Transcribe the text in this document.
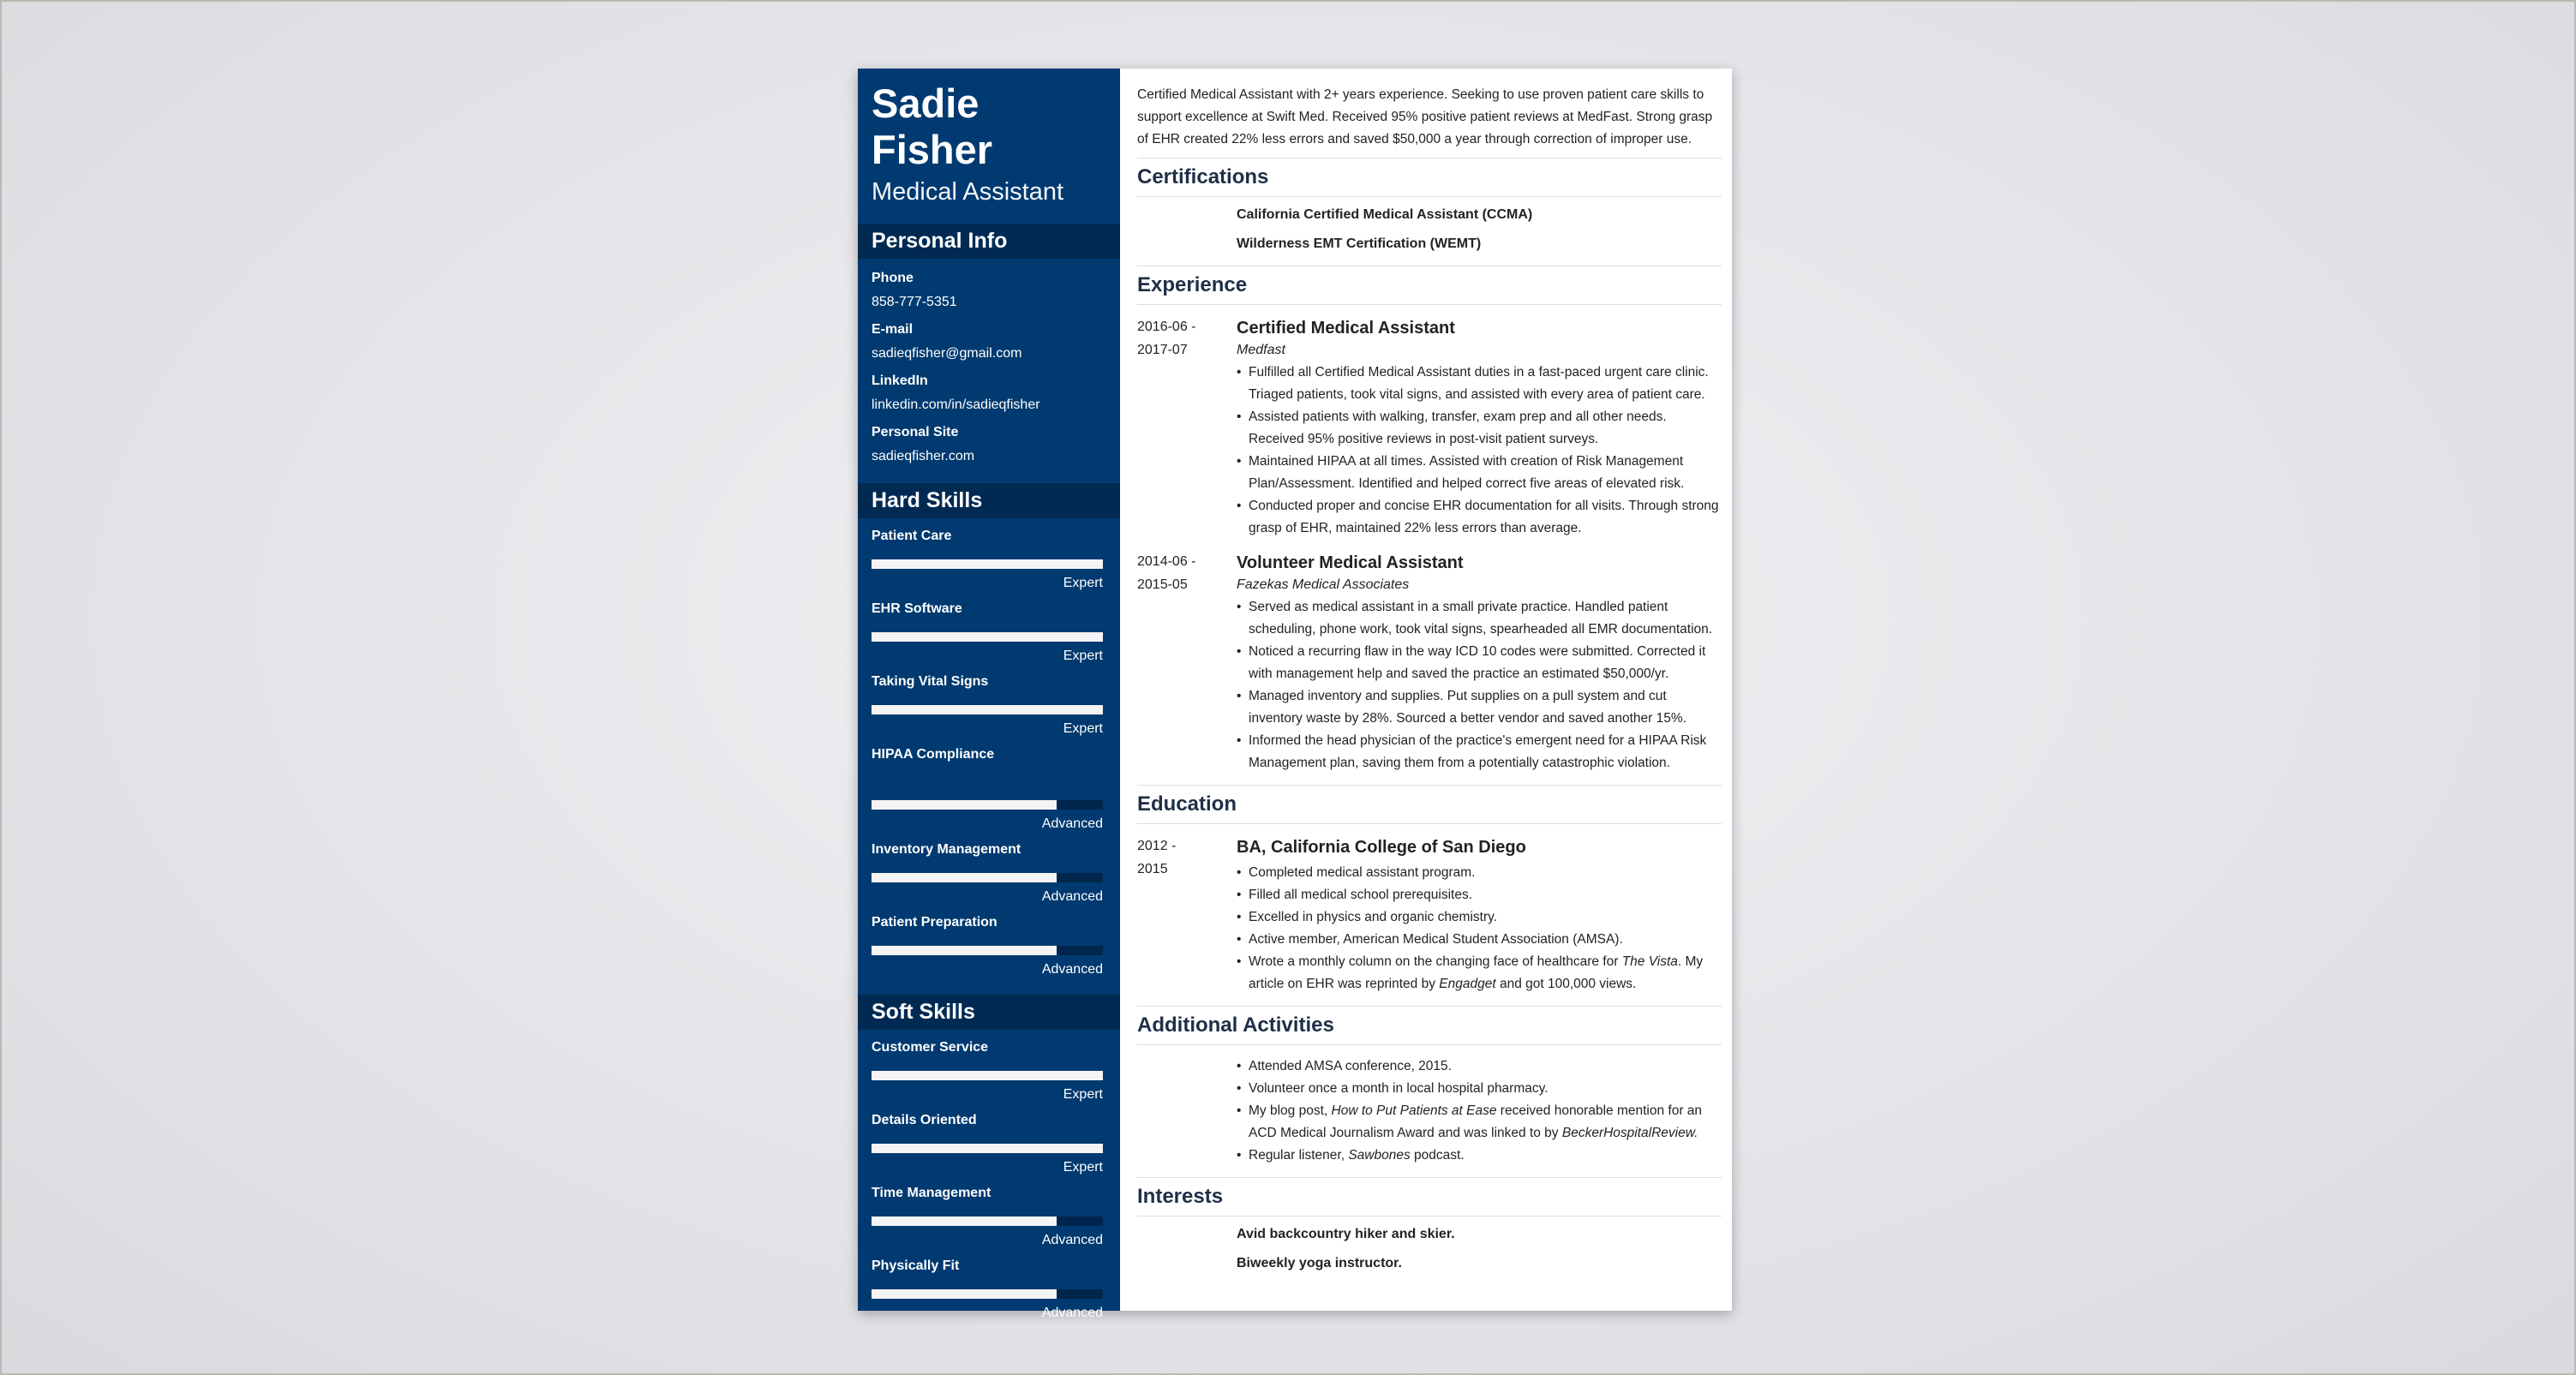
Sadie Fisher
Medical Assistant
Personal Info
Phone
858-777-5351
E-mail
sadieqfisher@gmail.com
LinkedIn
linkedin.com/in/sadieqfisher
Personal Site
sadieqfisher.com
Hard Skills
Patient Care
Expert
EHR Software
Expert
Taking Vital Signs
Expert
HIPAA Compliance
Advanced
Inventory Management
Advanced
Patient Preparation
Advanced
Soft Skills
Customer Service
Expert
Details Oriented
Expert
Time Management
Advanced
Physically Fit
Advanced
Certified Medical Assistant with 2+ years experience. Seeking to use proven patient care skills to support excellence at Swift Med. Received 95% positive patient reviews at MedFast. Strong grasp of EHR created 22% less errors and saved $50,000 a year through correction of improper use.
Certifications
California Certified Medical Assistant (CCMA)
Wilderness EMT Certification (WEMT)
Experience
2016-06 -
2017-07
Certified Medical Assistant
Medfast
• Fulfilled all Certified Medical Assistant duties in a fast-paced urgent care clinic. Triaged patients, took vital signs, and assisted with every area of patient care.
• Assisted patients with walking, transfer, exam prep and all other needs. Received 95% positive reviews in post-visit patient surveys.
• Maintained HIPAA at all times. Assisted with creation of Risk Management Plan/Assessment. Identified and helped correct five areas of elevated risk.
• Conducted proper and concise EHR documentation for all visits. Through strong grasp of EHR, maintained 22% less errors than average.
2014-06 -
2015-05
Volunteer Medical Assistant
Fazekas Medical Associates
• Served as medical assistant in a small private practice. Handled patient scheduling, phone work, took vital signs, spearheaded all EMR documentation.
• Noticed a recurring flaw in the way ICD 10 codes were submitted. Corrected it with management help and saved the practice an estimated $50,000/yr.
• Managed inventory and supplies. Put supplies on a pull system and cut inventory waste by 28%. Sourced a better vendor and saved another 15%.
• Informed the head physician of the practice's emergent need for a HIPAA Risk Management plan, saving them from a potentially catastrophic violation.
Education
2012 -
2015
BA, California College of San Diego
• Completed medical assistant program.
• Filled all medical school prerequisites.
• Excelled in physics and organic chemistry.
• Active member, American Medical Student Association (AMSA).
• Wrote a monthly column on the changing face of healthcare for The Vista. My article on EHR was reprinted by Engadget and got 100,000 views.
Additional Activities
• Attended AMSA conference, 2015.
• Volunteer once a month in local hospital pharmacy.
• My blog post, How to Put Patients at Ease received honorable mention for an ACD Medical Journalism Award and was linked to by BeckerHospitalReview.
• Regular listener, Sawbones podcast.
Interests
Avid backcountry hiker and skier.
Biweekly yoga instructor.
